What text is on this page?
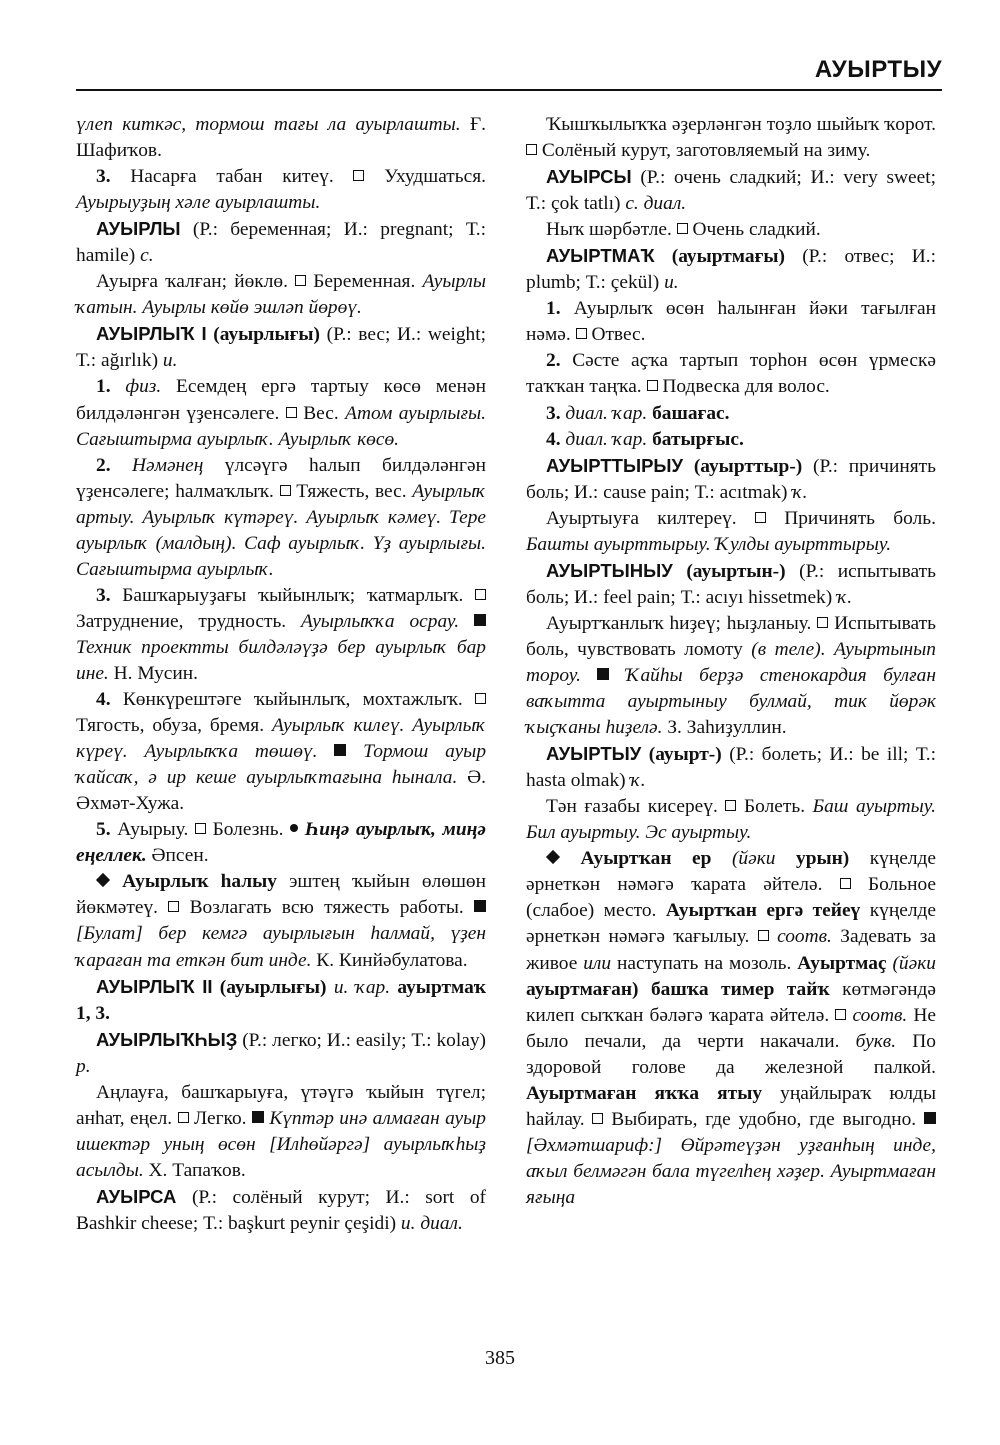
АУЫРТЫУ

үлеп киткәс, тормош тағы ла ауырлашты. Ғ. Шафиҡов.

3. Насарға табан китеү.	Ухудшаться. Ауырыуҙың хәле ауырлашты.

АУЫРЛЫ (Р.: беременная; И.: pregnant; Т.: hamile) с.

Ауырға ҡалған; йөклө. Беременная. Ауырлы ҡатын. Ауырлы көйө эшләп йөрөү.

АУЫРЛЫҠ I (ауырлығы) (Р.: вес; И.: weight; Т.: ağırlık) и.

1. физ. Есемдең ергә тартыу көсө менән билдәләнгән үҙенсәлеге. Вес. Атом ауырлығы. Сағыштырма ауырлыҡ. Ауырлыҡ көсө.

2. Нәмәнең үлсәүгә һалып билдәләнгән үҙенсәлеге; һалмаҡлыҡ. Тяжесть, вес. Ауырлыҡ артыу. Ауырлыҡ күтәреү. Ауырлыҡ кәмеү. Тере ауырлыҡ (малдың). Саф ауырлыҡ. Үҙ ауырлығы. Сағыштырма ауырлыҡ.

3. Башҡарыуҙағы ҡыйынлыҡ; ҡатмарлыҡ.  Затруднение, трудность. Ауырлыҡҡа осрау.  Техник проектты билдәләүҙә бер ауырлыҡ бар ине. Н. Мусин.

4. Көнкүрештәге ҡыйынлыҡ, мохтажлыҡ.  Тягость, обуза, бремя. Ауырлыҡ килеү. Ауырлыҡ күреү. Ауырлыҡҡа төшөү. Тормош ауыр ҡайсаҡ, ә ир кеше ауырлыҡтағына һынала. Ә. Әхмәт-Хужа.

5. Ауырыу. Болезнь. Һиңә ауырлыҡ, миңә еңеллек. Әпсен.

Ауырлыҡ һалыу эштең ҡыйын өлөшөн йөкмәтеү. Возлагать всю тяжесть работы.  [Булат] бер кемгә ауырлығын һалмай, үҙен ҡараған та еткән бит инде. К. Кинйәбулатова.

АУЫРЛЫҠ II (ауырлығы) и. ҡар. ауыртмаҡ 1, 3.

АУЫРЛЫҠҺЫҘ (Р.: легко; И.: easily; Т.: kolay) р.

Аңлауға, башҡарыуға, үтәүгә ҡыйын түгел; анһат, еңел. Легко. Күптәр инә алмаған ауыр ишектәр уның өсөн [Илһөйәргә] ауырлыҡһыҙ асылды. Х. Тапаҡов.

АУЫРСА (Р.: солёный курут; И.: sort of Bashkir cheese; Т.: başkurt peynir çeşidi) и. диал.

Ҡышҡылыҡҡа әҙерләнгән тоҙло шыйыҡ ҡорот.  Солёный курут, заготовляемый на зиму.

АУЫРСЫ (Р.: очень сладкий; И.: very sweet; Т.: çok tatlı) с. диал.

Ныҡ шәрбәтле. Очень сладкий.

АУЫРТМАҠ (ауыртмағы) (Р.: отвес; И.: plumb; Т.: çekül) и.

1. Ауырлыҡ өсөн һалынған йәки тағылған нәмә. Отвес.

2. Сәсте аҫҡа тартып торһон өсөн үрмескә таҡҡан таңҡа. Подвеска для волос.

3. диал. ҡар. башағас.

4. диал. ҡар. батырғыс.

АУЫРТТЫРЫУ (ауырттыр-) (Р.: причинять боль; И.: cause pain; Т.: acıtmak) ҡ.

Ауыртыуға килтереү. Причинять боль. Башты ауырттырыу. Ҡулды ауырттырыу.

АУЫРТЫНЫУ (ауыртын-) (Р.: испытывать боль; И.: feel pain; Т.: acıyı hissetmek) ҡ.

Ауыртҡанлыҡ һиҙеү; һыҙланыу. Испытывать боль, чувствовать ломоту (в теле). Ауыртынып тороу. Ҡайһы берҙә стенокардия булған ваҡытта ауыртыныу булмай, тик йөрәк ҡыҫҡаны һиҙелә. З. Заһиҙуллин.

АУЫРТЫУ (ауырт-) (Р.: болеть; И.: be ill; Т.: hasta olmak) ҡ.

Тән ғазабы кисереү. Болеть. Баш ауыртыу. Бил ауыртыу. Эс ауыртыу.

Ауыртҡан ер (йәки урын) күңелде әрнеткән нәмәгә ҡарата әйтелә. Больное (слабое) место. Ауыртҡан ергә тейеү күңелде әрнеткән нәмәгә ҡағылыу. соотв. Задевать за живое или наступать на мозоль. Ауыртмаҫ (йәки ауыртмаған) башҡа тимер тайҡ көтмәгәндә килеп сыҡҡан бәләгә ҡарата әйтелә. соотв. Не было печали, да черти накачали. букв. По здоровой голове да железной палкой. Ауыртмаған яҡҡа ятыу уңайлыраҡ юлды һайлау. Выбирать, где удобно, где выгодно.  [Әхмәтшариф:] Өйрәтеүҙән уҙғанһың инде, аҡыл белмәгән бала түгелһең хәҙер. Ауыртмаған яғыңа

385
